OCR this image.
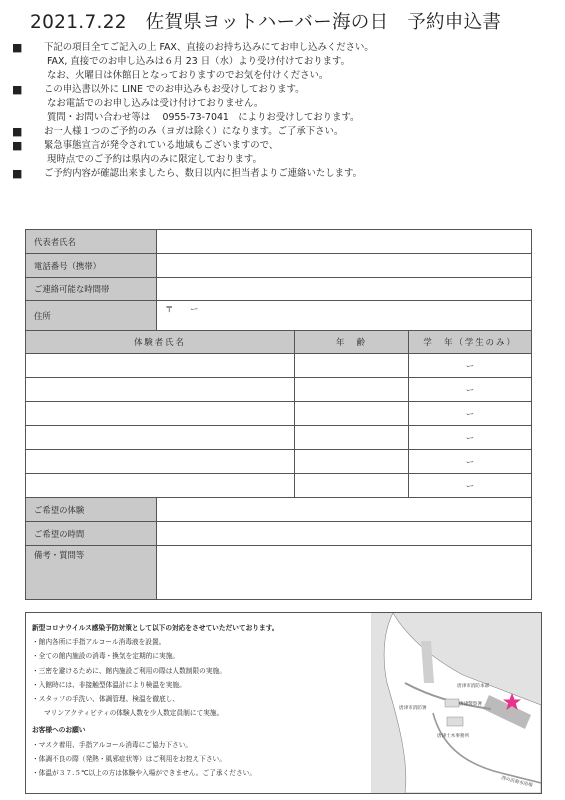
2021.7.22　佐賀県ヨットハーバー海の日　予約申込書
■ 下記の項目全てご記入の上 FAX、直接のお持ち込みにてお申し込みください。
FAX, 直接でのお申し込みは６月 23 日（水）より受け付けております。
なお、火曜日は休館日となっておりますのでお気を付けください。
■ この申込書以外に LINE でのお申込みもお受けしております。
なお電話でのお申し込みは受け付けておりません。
質問・お問い合わせ等は　 0955-73-7041　によりお受けしております。
■ お一人様１つのご予約のみ（ヨガは除く）になります。ご了承下さい。
■ 緊急事態宣言が発令されている地域もございますので、
現時点でのご予約は県内のみに限定しております。
■ ご予約内容が確認出来ましたら、数日以内に担当者よりご連絡いたします。
代表者氏名			
電話番号（携帯）			
ご連絡可能な時間帯			
住所	〒　　ー		
体験者氏名		年　齢	学　年（学生のみ）
			ー
			ー
			ー
			ー
			ー
			ー
ご希望の体験			
ご希望の時間			
備考・質問等			
新型コロナウイルス感染予防対策として以下の対応をさせていただいております。
・館内各所に手指アルコール消毒液を設置。
・全ての館内施設の消毒・換気を定期的に実施。
・三密を避けるために、館内施設ご利用の際は人数制限の実施。
・入館時には、非接触型体温計により検温を実施。
・スタッフの手洗い、体調管理、検温を徹底し、
マリンアクティビティの体験人数を少人数定員制にて実施。
お客様へのお願い
・マスク着用、手指アルコール消毒にご協力下さい。
・体調不良の際（発熱・風邪症状等）はご利用をお控え下さい。
・体温が３７.５℃以上の方は体験や入場ができません。ご了承ください。
唐津市消防本部
唐津市消防署
唐津警察署
唐津土木事務所
西の浜海水浴場
